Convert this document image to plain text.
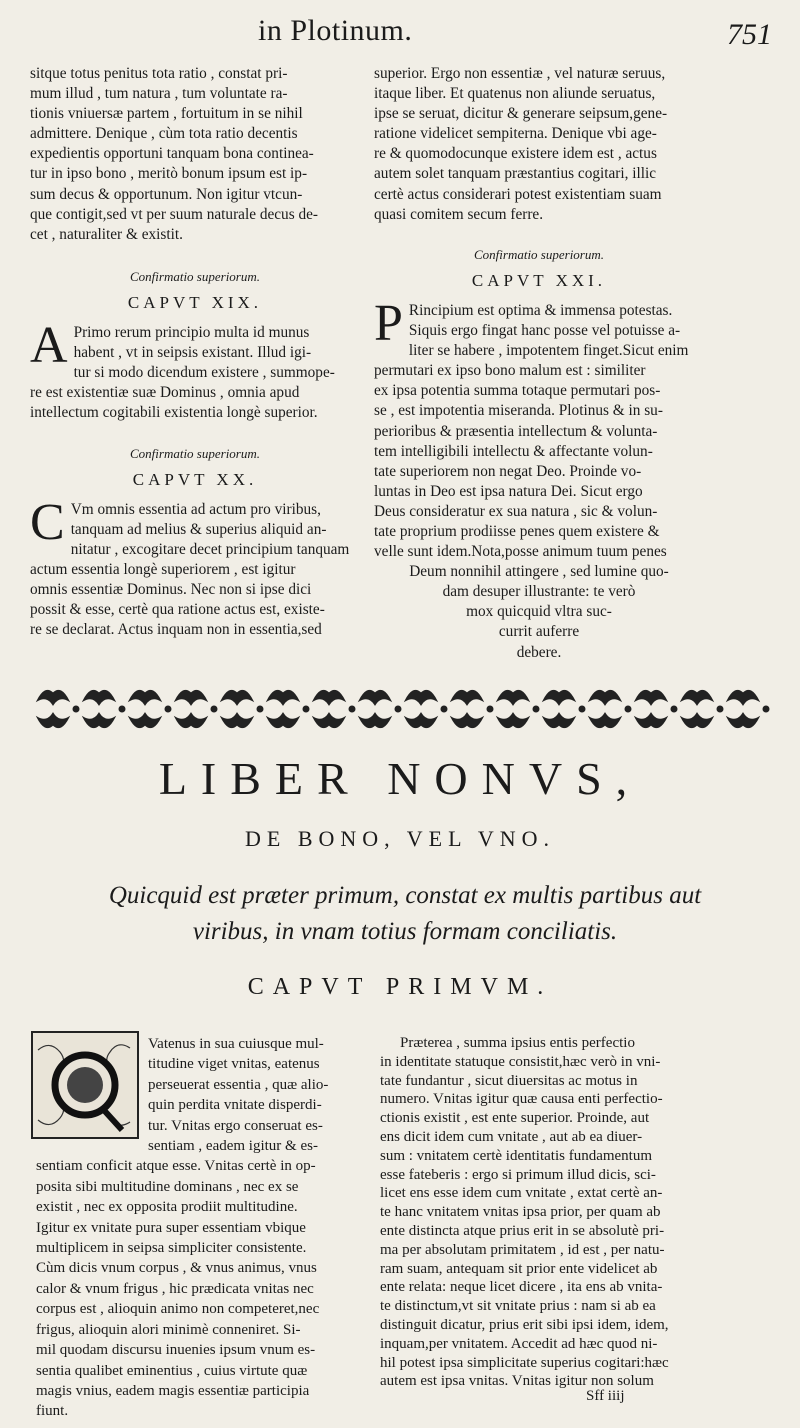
in Plotinum.	751
sitque totus penitus tota ratio , constat pri-
mum illud , tum natura , tum voluntate ra-
tionis vniuersæ partem , fortuitum in se nihil
admittere. Denique , cùm tota ratio decentis
expedientis opportuni tanquam bona continea-
tur in ipso bono , meritò bonum ipsum est ip-
sum decus & opportunum. Non igitur vtcun-
que contigit,sed vt per suum naturale decus de-
cet , naturaliter & existit.
Confirmatio superiorum.
CAPVT XIX.
A Primo rerum principio multa id munus
habent , vt in seipsis existant. Illud igi-
tur si modo dicendum existere , summope-
re est existentiæ suæ Dominus , omnia apud
intellectum cogitabili existentia longè superior.
Confirmatio superiorum.
CAPVT XX.
C Vm omnis essentia ad actum pro viribus,
tanquam ad melius & superius aliquid an-
nitatur , excogitare decet principium tanquam
actum essentia longè superiorem , est igitur
omnis essentiæ Dominus. Nec non si ipse dici
possit & esse, certè qua ratione actus est, existe-
re se declarat. Actus inquam non in essentia,sed
superior. Ergo non essentiæ , vel naturæ seruus,
itaque liber. Et quatenus non aliunde seruatus,
ipse se seruat, dicitur & generare seipsum,gene-
ratione videlicet sempiterna. Denique vbi age-
re & quomodocunque existere idem est , actus
autem solet tanquam præstantius cogitari, illic
certè actus considerari potest existentiam suam
quasi comitem secum ferre.
Confirmatio superiorum.
CAPVT XXI.
P Rincipium est optima & immensa potestas.
Siquis ergo fingat hanc posse vel potuisse a-
liter se habere , impotentem finget.Sicut enim
permutari ex ipso bono malum est : similiter
ex ipsa potentia summa totaque permutari pos-
se , est impotentia miseranda. Plotinus & in su-
perioribus & præsentia intellectum & volunta-
tem intelligibili intellectu & affectante volun-
tate superiorem non negat Deo. Proinde vo-
luntas in Deo est ipsa natura Dei. Sicut ergo
Deus consideratur ex sua natura , sic & volun-
tate proprium prodiisse penes quem existere &
velle sunt idem.Nota,posse animum tuum penes
Deum nonnihil attingere , sed lumine quo-
dam desuper illustrante: te verò
mox quicquid vltra suc-
currit auferre
debere.
LIBER NONVS,
DE BONO, VEL VNO.
Quicquid est præter primum, constat ex multis partibus aut
viribus, in vnam totius formam conciliatis.
CAPVT PRIMVM.
Vatenus in sua cuiusque mul-
titudine viget vnitas, eatenus
perseuerat essentia , quæ alio-
quin perdita vnitate disperdi-
tur. Vnitas ergo conseruat es-
sentiam , eadem igitur & es-
sentiam conficit atque esse. Vnitas certè in op-
posita sibi multitudine dominans , nec ex se
existit , nec ex opposita prodiit multitudine.
Igitur ex vnitate pura super essentiam vbique
multiplicem in seipsa simpliciter consistente.
Cùm dicis vnum corpus , & vnus animus, vnus
calor & vnum frigus , hic prædicata vnitas nec
corpus est , alioquin animo non competeret,nec
frigus, alioquin alori minimè conneniret. Si-
mil quodam discursu inuenies ipsum vnum es-
sentia qualibet eminentius , cuius virtute quæ
magis vnius, eadem magis essentiæ participia
fiunt.
Præterea , summa ipsius entis perfectio
in identitate statuque consistit,hæc verò in vni-
tate fundantur , sicut diuersitas ac motus in
numero. Vnitas igitur quæ causa enti perfectio-
ctionis existit , est ente superior. Proinde, aut
ens dicit idem cum vnitate , aut ab ea diuer-
sum : vnitatem certè identitatis fundamentum
esse fateberis : ergo si primum illud dicis, sci-
licet ens esse idem cum vnitate , extat certè an-
te hanc vnitatem vnitas ipsa prior, per quam ab
ente distincta atque prius erit in se absolutè pri-
ma per absolutam primitatem , id est , per natu-
ram suam, antequam sit prior ente videlicet ab
ente relata: neque licet dicere , ita ens ab vnita-
te distinctum,vt sit vnitate prius : nam si ab ea
distinguit dicatur, prius erit sibi ipsi idem, idem,
inquam,per vnitatem. Accedit ad hæc quod ni-
hil potest ipsa simplicitate superius cogitari:hæc
autem est ipsa vnitas. Vnitas igitur non solum
Sff iiij
